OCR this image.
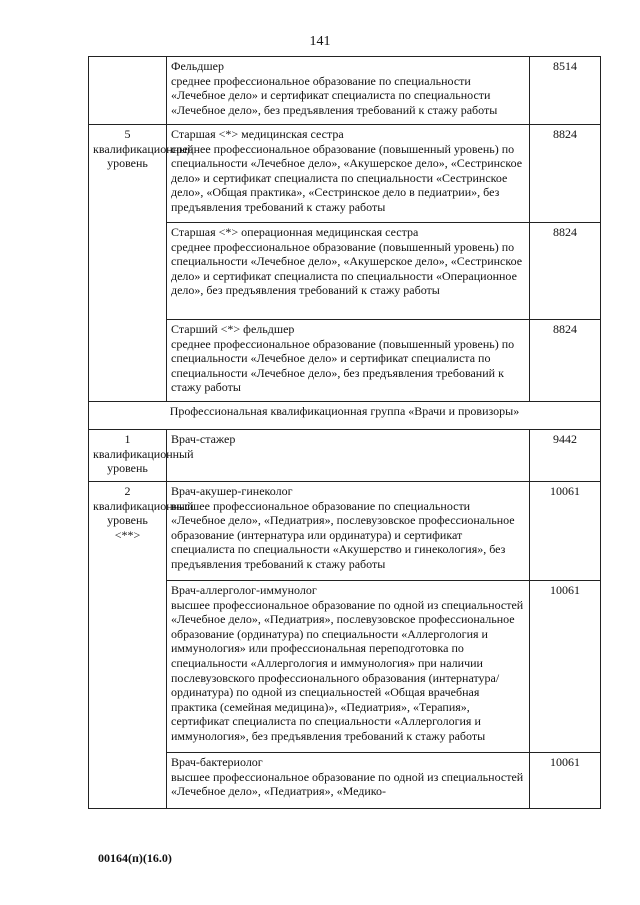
141

	Фельдшер
среднее профессиональное образование по специальности «Лечебное дело» и сертификат специалиста по специальности «Лечебное дело», без предъявления требований к стажу работы	8514
5 квалификационный уровень	Старшая <*> медицинская сестра
среднее профессиональное образование (повышенный уровень) по специальности «Лечебное дело», «Акушерское дело», «Сестринское дело» и сертификат специалиста по специальности «Сестринское дело», «Общая практика», «Сестринское дело в педиатрии», без предъявления требований к стажу работы	8824

	Старшая <*> операционная медицинская сестра
среднее профессиональное образование (повышенный уровень) по специальности «Лечебное дело», «Акушерское дело», «Сестринское дело» и сертификат специалиста по специальности «Операционное дело», без предъявления требований к стажу работы	8824

	Старший <*> фельдшер
среднее профессиональное образование (повышенный уровень) по специальности «Лечебное дело» и сертификат специалиста по специальности «Лечебное дело», без предъявления требований к стажу работы	8824
Профессиональная квалификационная группа «Врачи и провизоры»		
1 квалификационный уровень	Врач-стажер	9442
2 квалификационный уровень <**>	Врач-акушер-гинеколог
высшее профессиональное образование по специальности «Лечебное дело», «Педиатрия», послевузовское профессиональное образование (интернатура или ординатура) и сертификат специалиста по специальности «Акушерство и гинекология», без предъявления требований к стажу работы	10061

	Врач-аллерголог-иммунолог
высшее профессиональное образование по одной из специальностей «Лечебное дело», «Педиатрия», послевузовское профессиональное образование (ординатура) по специальности «Аллергология и иммунология» или профессиональная переподготовка по специальности «Аллергология и иммунология» при наличии послевузовского профессионального образования (интернатура/ординатура) по одной из специальностей «Общая врачебная практика (семейная медицина)», «Педиатрия», «Терапия», сертификат специалиста по специальности «Аллергология и иммунология», без предъявления требований к стажу работы	10061

	Врач-бактериолог
высшее профессиональное образование по одной из специальностей «Лечебное дело», «Педиатрия», «Медико-	10061
00164(п)(16.0)
